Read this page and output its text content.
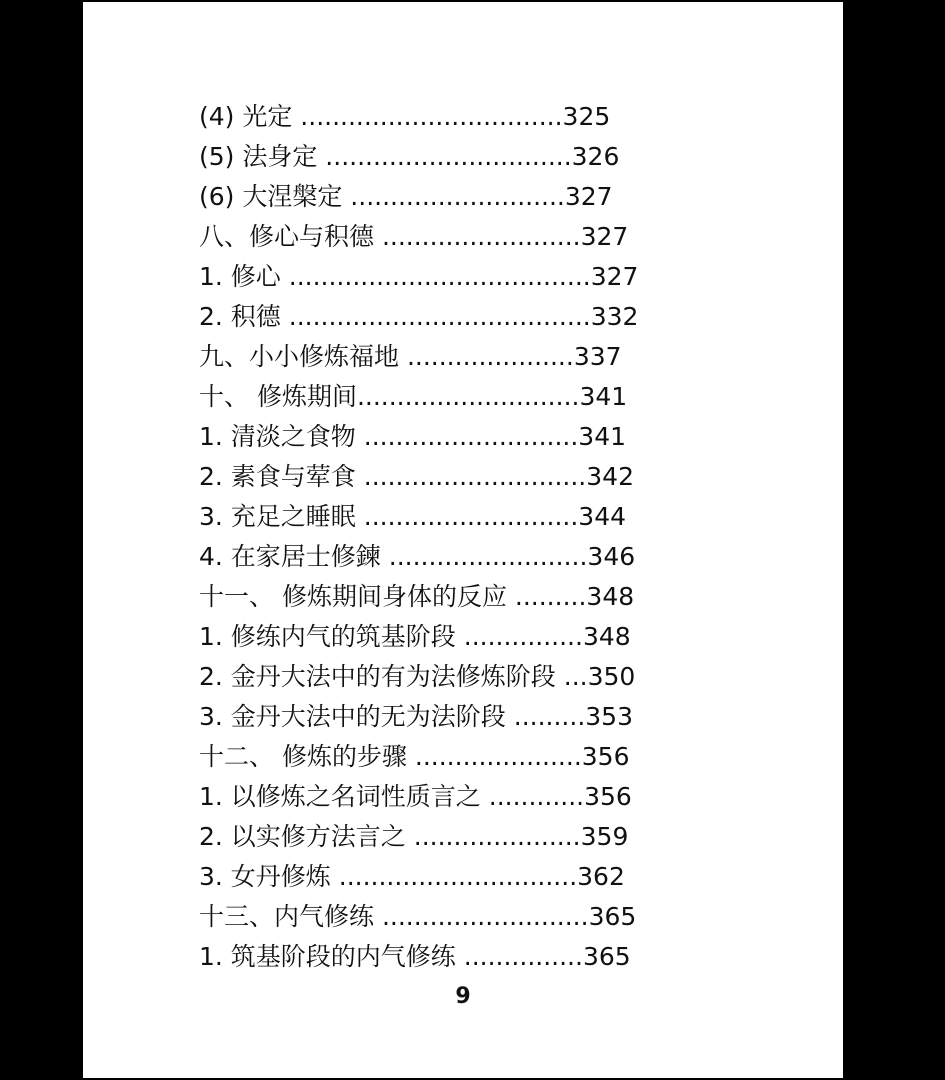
(4) 光定 .................................325
(5) 法身定 ...............................326
(6) 大涅槃定 ...........................327
八、修心与积德 .........................327
1. 修心 ......................................327
2. 积德 ......................................332
九、小小修炼福地 .....................337
十、 修炼期间............................341
1. 清淡之食物 ...........................341
2. 素食与荤食 ............................342
3. 充足之睡眠 ...........................344
4. 在家居士修鍊 .........................346
十一、 修炼期间身体的反应 .........348
1. 修练内气的筑基阶段 ...............348
2. 金丹大法中的有为法修炼阶段 ...350
3. 金丹大法中的无为法阶段 .........353
十二、 修炼的步骤 .....................356
1. 以修炼之名词性质言之 ............356
2. 以实修方法言之 .....................359
3. 女丹修炼 ..............................362
十三、内气修练 ..........................365
1. 筑基阶段的内气修练 ...............365
9
